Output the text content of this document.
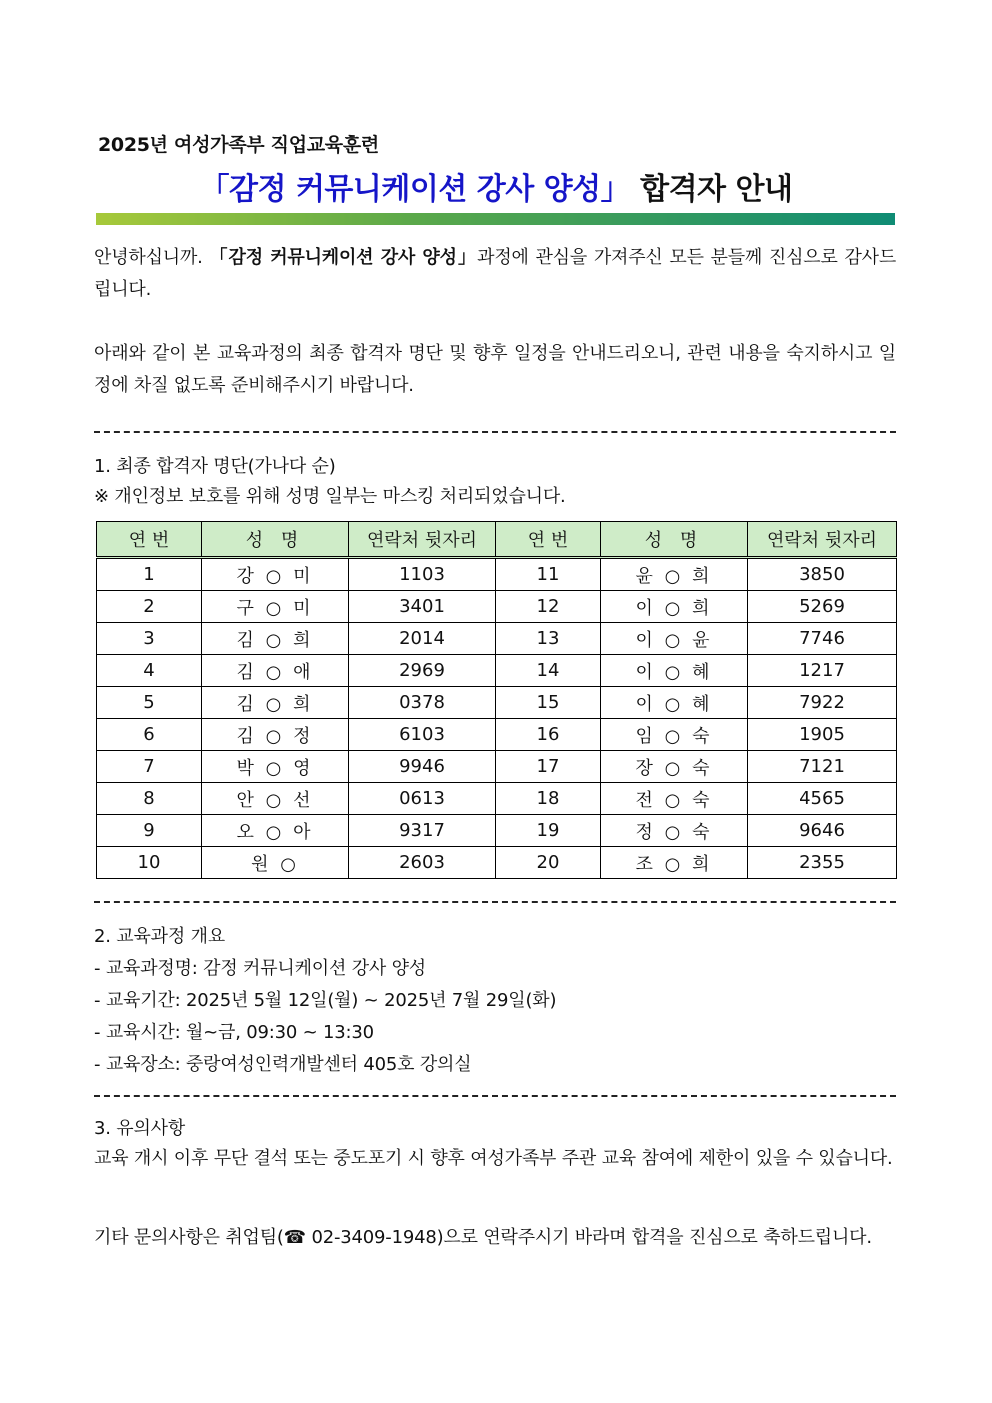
2025년 여성가족부 직업교육훈련
「감정 커뮤니케이션 강사 양성」 합격자 안내
안녕하십니까. 「감정 커뮤니케이션 강사 양성」과정에 관심을 가져주신 모든 분들께 진심으로 감사드립니다.
아래와 같이 본 교육과정의 최종 합격자 명단 및 향후 일정을 안내드리오니, 관련 내용을 숙지하시고 일정에 차질 없도록 준비해주시기 바랍니다.
1. 최종 합격자 명단(가나다 순)
※ 개인정보 보호를 위해 성명 일부는 마스킹 처리되었습니다.
연 번	성 명	연락처 뒷자리	연 번	성 명	연락처 뒷자리
1	강 ○ 미	1103	11	윤 ○ 희	3850
2	구 ○ 미	3401	12	이 ○ 희	5269
3	김 ○ 희	2014	13	이 ○ 윤	7746
4	김 ○ 애	2969	14	이 ○ 혜	1217
5	김 ○ 희	0378	15	이 ○ 혜	7922
6	김 ○ 정	6103	16	임 ○ 숙	1905
7	박 ○ 영	9946	17	장 ○ 숙	7121
8	안 ○ 선	0613	18	전 ○ 숙	4565
9	오 ○ 아	9317	19	정 ○ 숙	9646
10	원 ○	2603	20	조 ○ 희	2355
2. 교육과정 개요
- 교육과정명: 감정 커뮤니케이션 강사 양성
- 교육기간: 2025년 5월 12일(월) ~ 2025년 7월 29일(화)
- 교육시간: 월~금, 09:30 ~ 13:30
- 교육장소: 중랑여성인력개발센터 405호 강의실
3. 유의사항
교육 개시 이후 무단 결석 또는 중도포기 시 향후 여성가족부 주관 교육 참여에 제한이 있을 수 있습니다.
기타 문의사항은 취업팀(☎ 02-3409-1948)으로 연락주시기 바라며 합격을 진심으로 축하드립니다.
